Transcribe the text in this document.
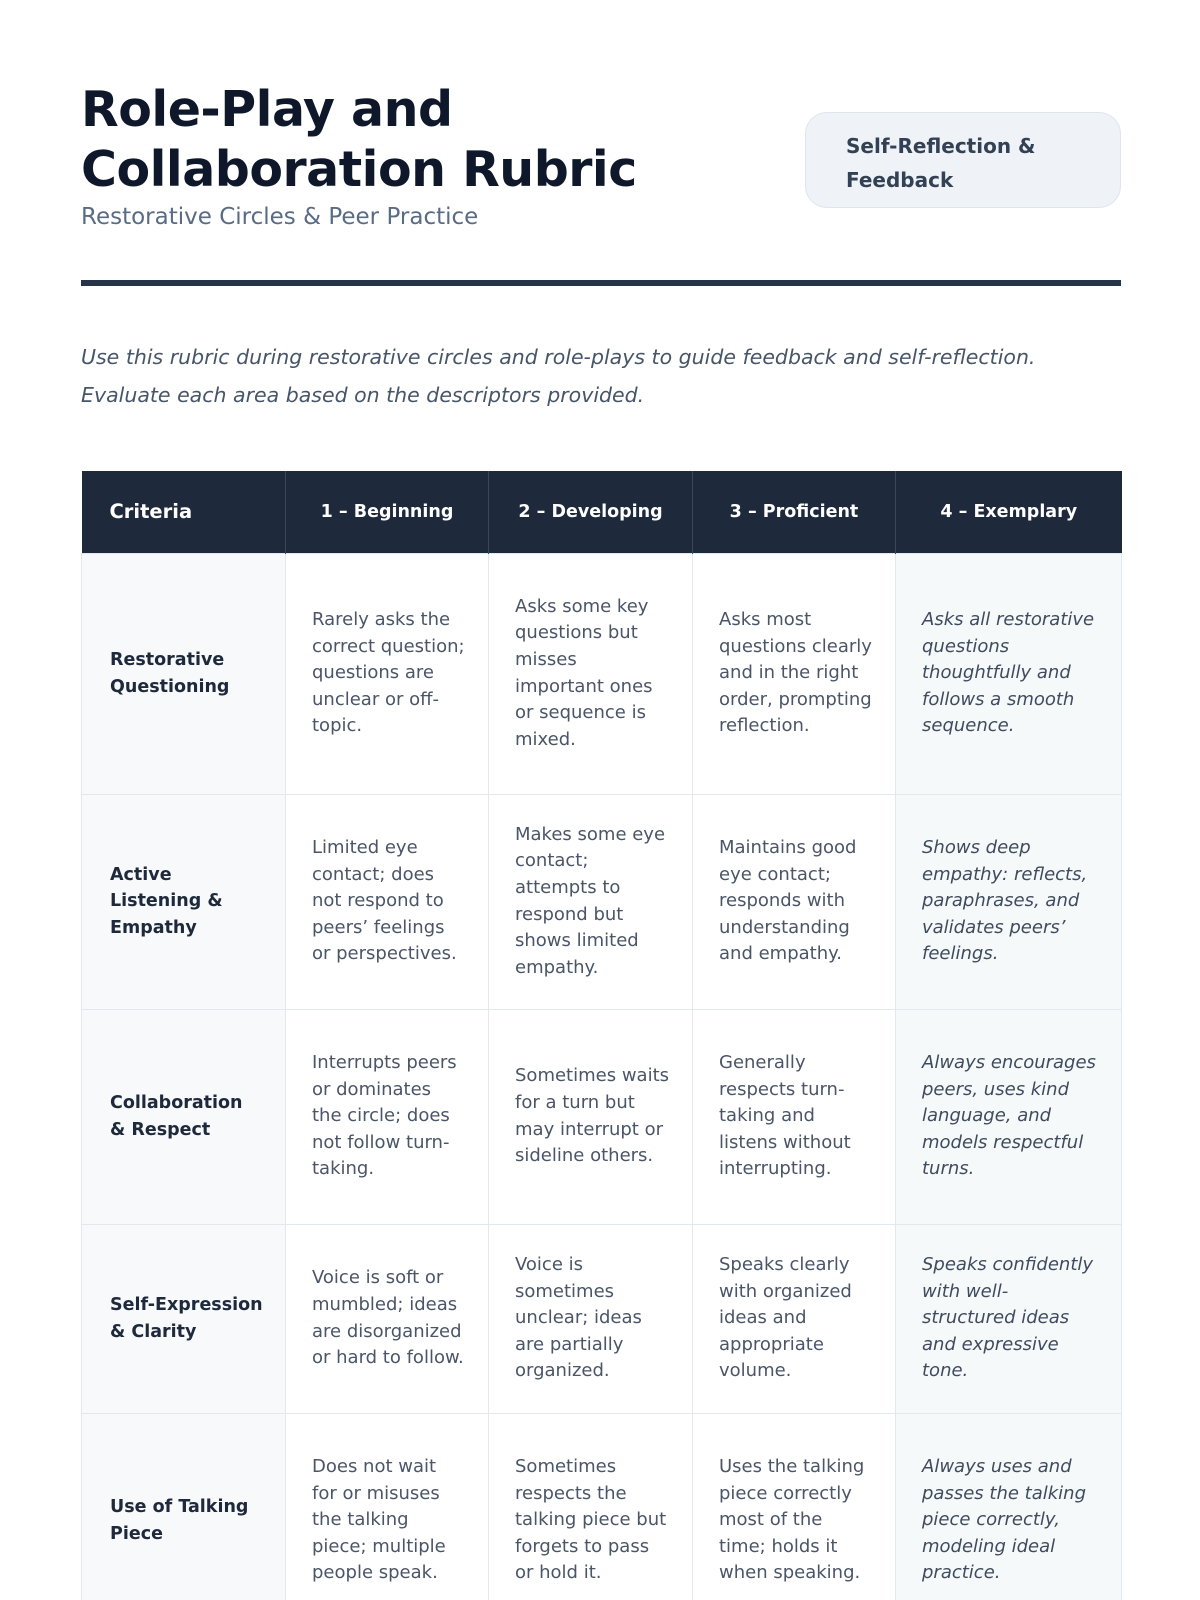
Role-Play and
Collaboration Rubric
Restorative Circles & Peer Practice
Self-Reflection &
Feedback
Use this rubric during restorative circles and role-plays to guide feedback and self-reflection.
Evaluate each area based on the descriptors provided.
Criteria	1 – Beginning	2 – Developing	3 – Proficient	4 – Exemplary
Restorative Questioning	Rarely asks the correct question; questions are unclear or off-topic.	Asks some key questions but misses important ones or sequence is mixed.	Asks most questions clearly and in the right order, prompting reflection.	Asks all restorative questions thoughtfully and follows a smooth sequence.
Active Listening & Empathy	Limited eye contact; does not respond to peers’ feelings or perspectives.	Makes some eye contact; attempts to respond but shows limited empathy.	Maintains good eye contact; responds with understanding and empathy.	Shows deep empathy: reflects, paraphrases, and validates peers’ feelings.
Collaboration & Respect	Interrupts peers or dominates the circle; does not follow turn-taking.	Sometimes waits for a turn but may interrupt or sideline others.	Generally respects turn-taking and listens without interrupting.	Always encourages peers, uses kind language, and models respectful turns.
Self-Expression & Clarity	Voice is soft or mumbled; ideas are disorganized or hard to follow.	Voice is sometimes unclear; ideas are partially organized.	Speaks clearly with organized ideas and appropriate volume.	Speaks confidently with well-structured ideas and expressive tone.
Use of Talking Piece	Does not wait for or misuses the talking piece; multiple people speak.	Sometimes respects the talking piece but forgets to pass or hold it.	Uses the talking piece correctly most of the time; holds it when speaking.	Always uses and passes the talking piece correctly, modeling ideal practice.
